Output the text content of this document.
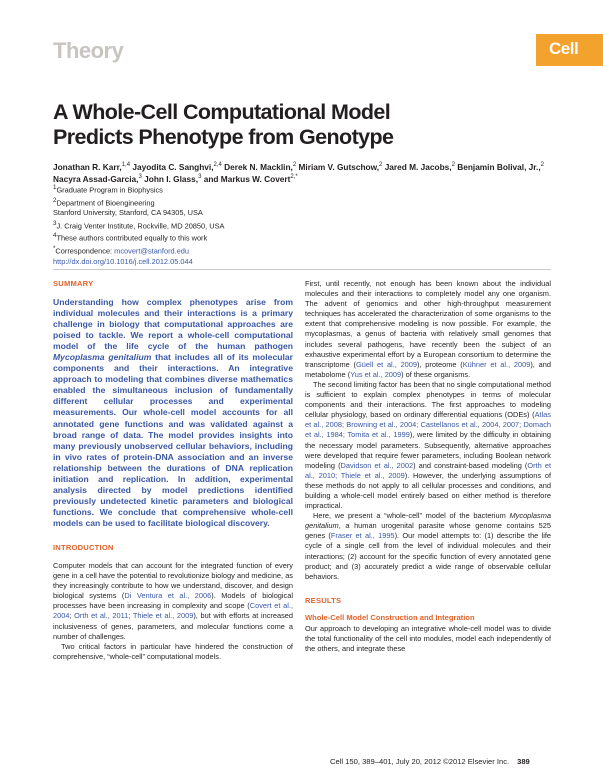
Theory	Cell
A Whole-Cell Computational Model
Predicts Phenotype from Genotype
Jonathan R. Karr,$^{1,4}$ Jayodita C. Sanghvi,$^{2,4}$ Derek N. Macklin,$^2$ Miriam V. Gutschow,$^2$ Jared M. Jacobs,$^2$ Benjamin Bolival, Jr.,$^2$ Nacyra Assad-Garcia,$^3$ John I. Glass,$^3$ and Markus W. Covert$^{2,*}$
$^1$Graduate Program in Biophysics
$^2$Department of Bioengineering
Stanford University, Stanford, CA 94305, USA
$^3$J. Craig Venter Institute, Rockville, MD 20850, USA
$^4$These authors contributed equally to this work
*Correspondence: mcovert@stanford.edu
http://dx.doi.org/10.1016/j.cell.2012.05.044
SUMMARY
Understanding how complex phenotypes arise from individual molecules and their interactions is a primary challenge in biology that computational approaches are poised to tackle. We report a whole-cell computational model of the life cycle of the human pathogen Mycoplasma genitalium that includes all of its molecular components and their interactions. An integrative approach to modeling that combines diverse mathematics enabled the simultaneous inclusion of fundamentally different cellular processes and experimental measurements. Our whole-cell model accounts for all annotated gene functions and was validated against a broad range of data. The model provides insights into many previously unobserved cellular behaviors, including in vivo rates of protein-DNA association and an inverse relationship between the durations of DNA replication initiation and replication. In addition, experimental analysis directed by model predictions identified previously undetected kinetic parameters and biological functions. We conclude that comprehensive whole-cell models can be used to facilitate biological discovery.
INTRODUCTION
Computer models that can account for the integrated function of every gene in a cell have the potential to revolutionize biology and medicine, as they increasingly contribute to how we understand, discover, and design biological systems (Di Ventura et al., 2006). Models of biological processes have been increasing in complexity and scope (Covert et al., 2004; Orth et al., 2011; Thiele et al., 2009), but with efforts at increased inclusiveness of genes, parameters, and molecular functions come a number of challenges.
Two critical factors in particular have hindered the construction of comprehensive, “whole-cell” computational models.
First, until recently, not enough has been known about the individual molecules and their interactions to completely model any one organism. The advent of genomics and other high-throughput measurement techniques has accelerated the characterization of some organisms to the extent that comprehensive modeling is now possible. For example, the mycoplasmas, a genus of bacteria with relatively small genomes that includes several pathogens, have recently been the subject of an exhaustive experimental effort by a European consortium to determine the transcriptome (Güell et al., 2009), proteome (Kühner et al., 2009), and metabolome (Yus et al., 2009) of these organisms.
The second limiting factor has been that no single computational method is sufficient to explain complex phenotypes in terms of molecular components and their interactions. The first approaches to modeling cellular physiology, based on ordinary differential equations (ODEs) (Atlas et al., 2008; Browning et al., 2004; Castellanos et al., 2004, 2007; Domach et al., 1984; Tomita et al., 1999), were limited by the difficulty in obtaining the necessary model parameters. Subsequently, alternative approaches were developed that require fewer parameters, including Boolean network modeling (Davidson et al., 2002) and constraint-based modeling (Orth et al., 2010; Thiele et al., 2009). However, the underlying assumptions of these methods do not apply to all cellular processes and conditions, and building a whole-cell model entirely based on either method is therefore impractical.
Here, we present a “whole-cell” model of the bacterium Mycoplasma genitalium, a human urogenital parasite whose genome contains 525 genes (Fraser et al., 1995). Our model attempts to: (1) describe the life cycle of a single cell from the level of individual molecules and their interactions; (2) account for the specific function of every annotated gene product; and (3) accurately predict a wide range of observable cellular behaviors.
RESULTS
Whole-Cell Model Construction and Integration
Our approach to developing an integrative whole-cell model was to divide the total functionality of the cell into modules, model each independently of the others, and integrate these
Cell 150, 389–401, July 20, 2012 ©2012 Elsevier Inc. 389
